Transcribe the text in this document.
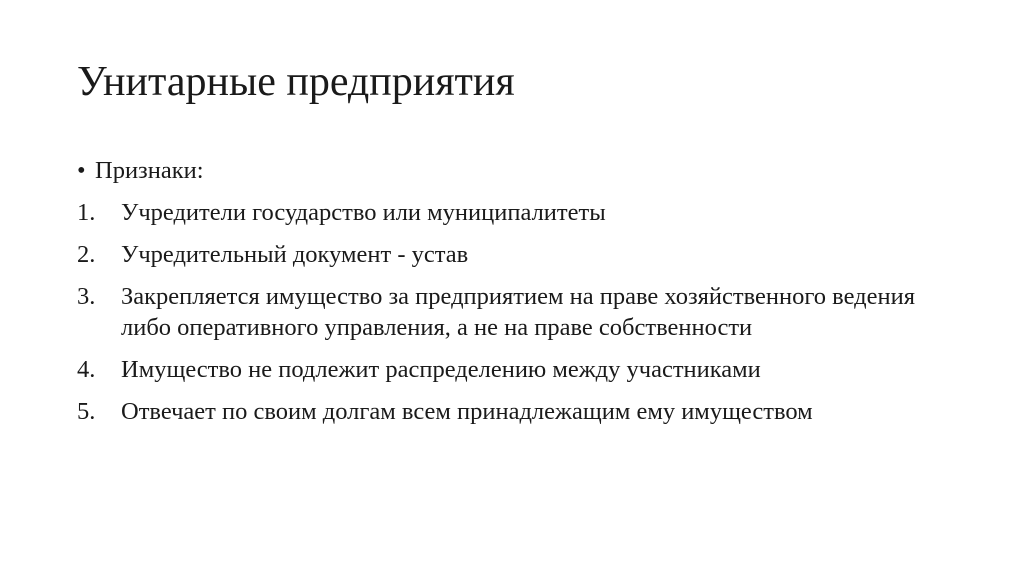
Унитарные предприятия
• Признаки:
1.	Учредители государство или муниципалитеты
2.	Учредительный документ - устав
3.	Закрепляется имущество за предприятием на праве хозяйственного ведения либо оперативного управления, а не на праве собственности
4.	Имущество не подлежит распределению между участниками
5.	Отвечает по своим долгам всем принадлежащим ему имуществом
